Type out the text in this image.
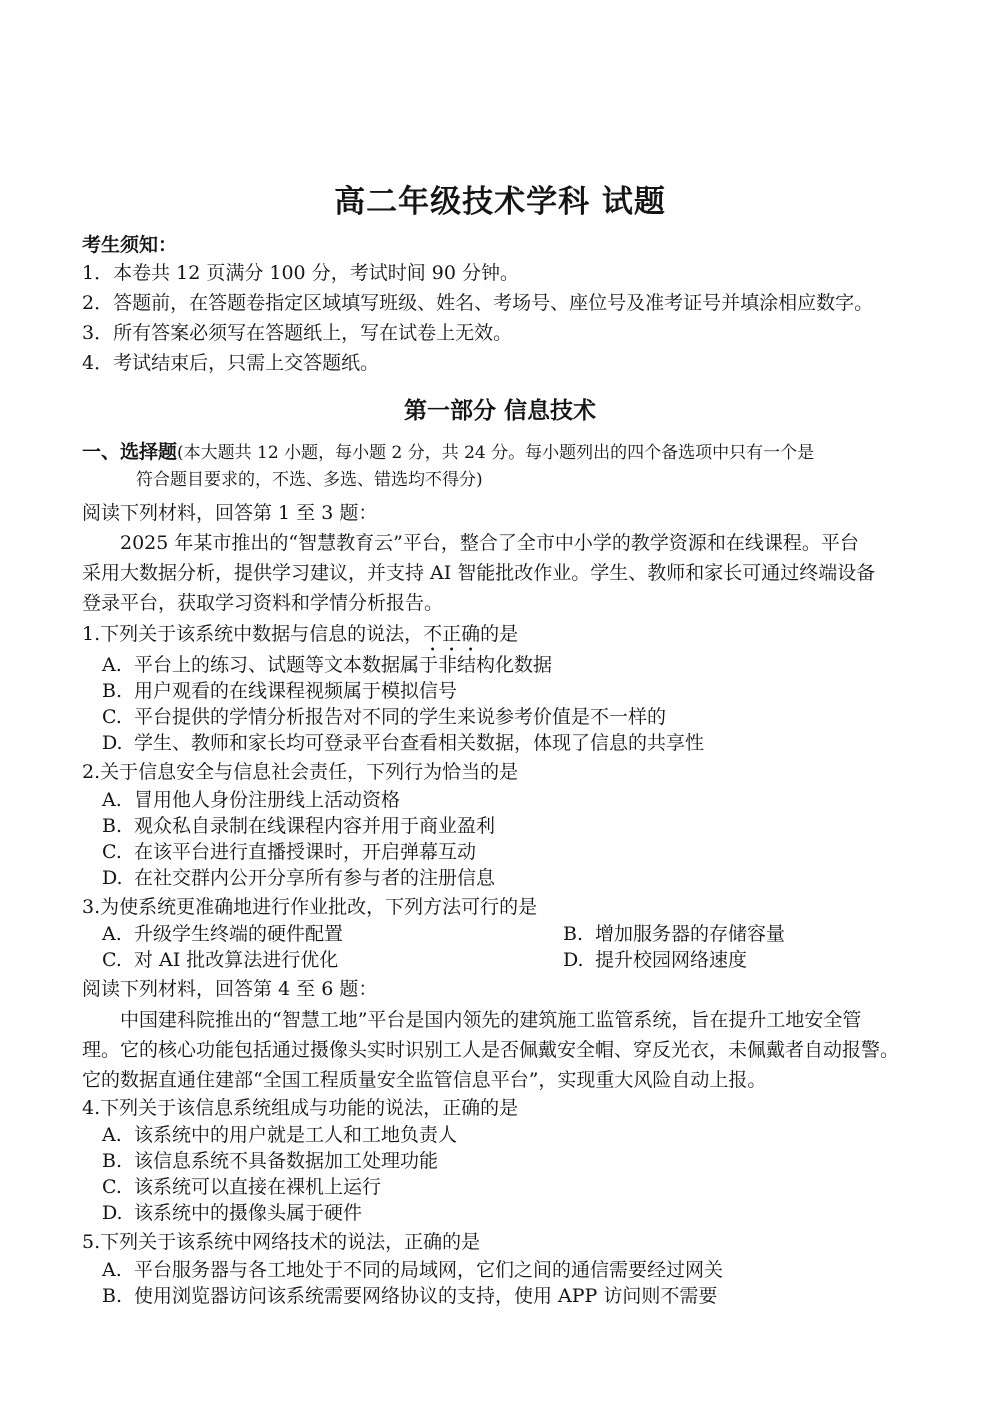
高二年级技术学科 试题
考生须知：
1．本卷共 12 页满分 100 分，考试时间 90 分钟。
2．答题前，在答题卷指定区域填写班级、姓名、考场号、座位号及准考证号并填涂相应数字。
3．所有答案必须写在答题纸上，写在试卷上无效。
4．考试结束后，只需上交答题纸。
第一部分 信息技术
一、选择题(本大题共 12 小题，每小题 2 分，共 24 分。每小题列出的四个备选项中只有一个是
符合题目要求的，不选、多选、错选均不得分)
阅读下列材料，回答第 1 至 3 题：
2025 年某市推出的“智慧教育云”平台，整合了全市中小学的教学资源和在线课程。平台
采用大数据分析，提供学习建议，并支持 AI 智能批改作业。学生、教师和家长可通过终端设备
登录平台，获取学习资料和学情分析报告。
1.下列关于该系统中数据与信息的说法，不正确的是
A. 平台上的练习、试题等文本数据属于非结构化数据
B. 用户观看的在线课程视频属于模拟信号
C. 平台提供的学情分析报告对不同的学生来说参考价值是不一样的
D. 学生、教师和家长均可登录平台查看相关数据，体现了信息的共享性
2.关于信息安全与信息社会责任，下列行为恰当的是
A. 冒用他人身份注册线上活动资格
B. 观众私自录制在线课程内容并用于商业盈利
C. 在该平台进行直播授课时，开启弹幕互动
D. 在社交群内公开分享所有参与者的注册信息
3.为使系统更准确地进行作业批改，下列方法可行的是
A. 升级学生终端的硬件配置	B. 增加服务器的存储容量
C. 对 AI 批改算法进行优化	D. 提升校园网络速度
阅读下列材料，回答第 4 至 6 题：
中国建科院推出的“智慧工地”平台是国内领先的建筑施工监管系统，旨在提升工地安全管
理。它的核心功能包括通过摄像头实时识别工人是否佩戴安全帽、穿反光衣，未佩戴者自动报警。
它的数据直通住建部“全国工程质量安全监管信息平台”，实现重大风险自动上报。
4.下列关于该信息系统组成与功能的说法，正确的是
A. 该系统中的用户就是工人和工地负责人
B. 该信息系统不具备数据加工处理功能
C. 该系统可以直接在裸机上运行
D. 该系统中的摄像头属于硬件
5.下列关于该系统中网络技术的说法，正确的是
A. 平台服务器与各工地处于不同的局域网，它们之间的通信需要经过网关
B. 使用浏览器访问该系统需要网络协议的支持，使用 APP 访问则不需要
